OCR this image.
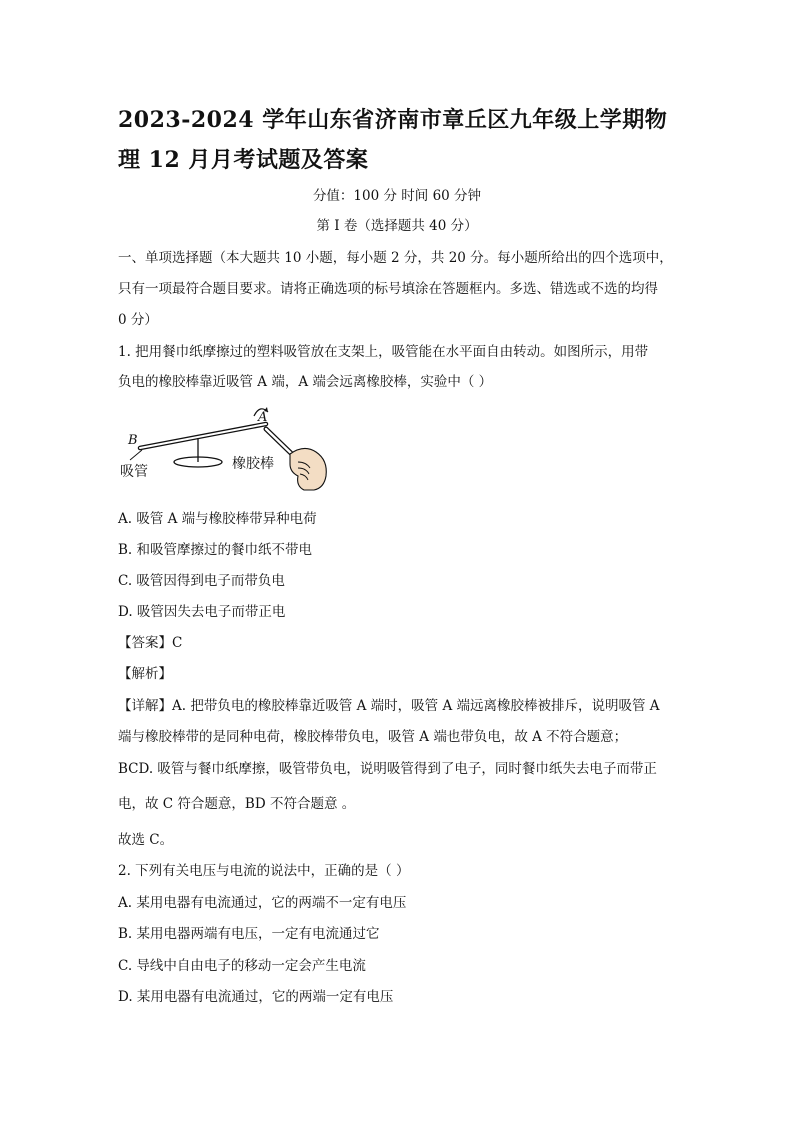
2023-2024 学年山东省济南市章丘区九年级上学期物理 12 月月考试题及答案
分值：100 分 时间 60 分钟
第 I 卷（选择题共 40 分）
一、单项选择题（本大题共 10 小题，每小题 2 分，共 20 分。每小题所给出的四个选项中，
只有一项最符合题目要求。请将正确选项的标号填涂在答题框内。多选、错选或不选的均得
0 分）
1. 把用餐巾纸摩擦过的塑料吸管放在支架上，吸管能在水平面自由转动。如图所示，用带
负电的橡胶棒靠近吸管 A 端，A 端会远离橡胶棒，实验中（ ）
B
A
吸管	橡胶棒
A. 吸管 A 端与橡胶棒带异种电荷
B. 和吸管摩擦过的餐巾纸不带电
C. 吸管因得到电子而带负电
D. 吸管因失去电子而带正电
【答案】C
【解析】
【详解】A. 把带负电的橡胶棒靠近吸管 A 端时，吸管 A 端远离橡胶棒被排斥，说明吸管 A
端与橡胶棒带的是同种电荷，橡胶棒带负电，吸管 A 端也带负电，故 A 不符合题意；
BCD. 吸管与餐巾纸摩擦，吸管带负电，说明吸管得到了电子，同时餐巾纸失去电子而带正
电，故 C 符合题意，BD 不符合题意 。
故选 C。
2. 下列有关电压与电流的说法中，正确的是（ ）
A. 某用电器有电流通过，它的两端不一定有电压
B. 某用电器两端有电压，一定有电流通过它
C. 导线中自由电子的移动一定会产生电流
D. 某用电器有电流通过，它的两端一定有电压
